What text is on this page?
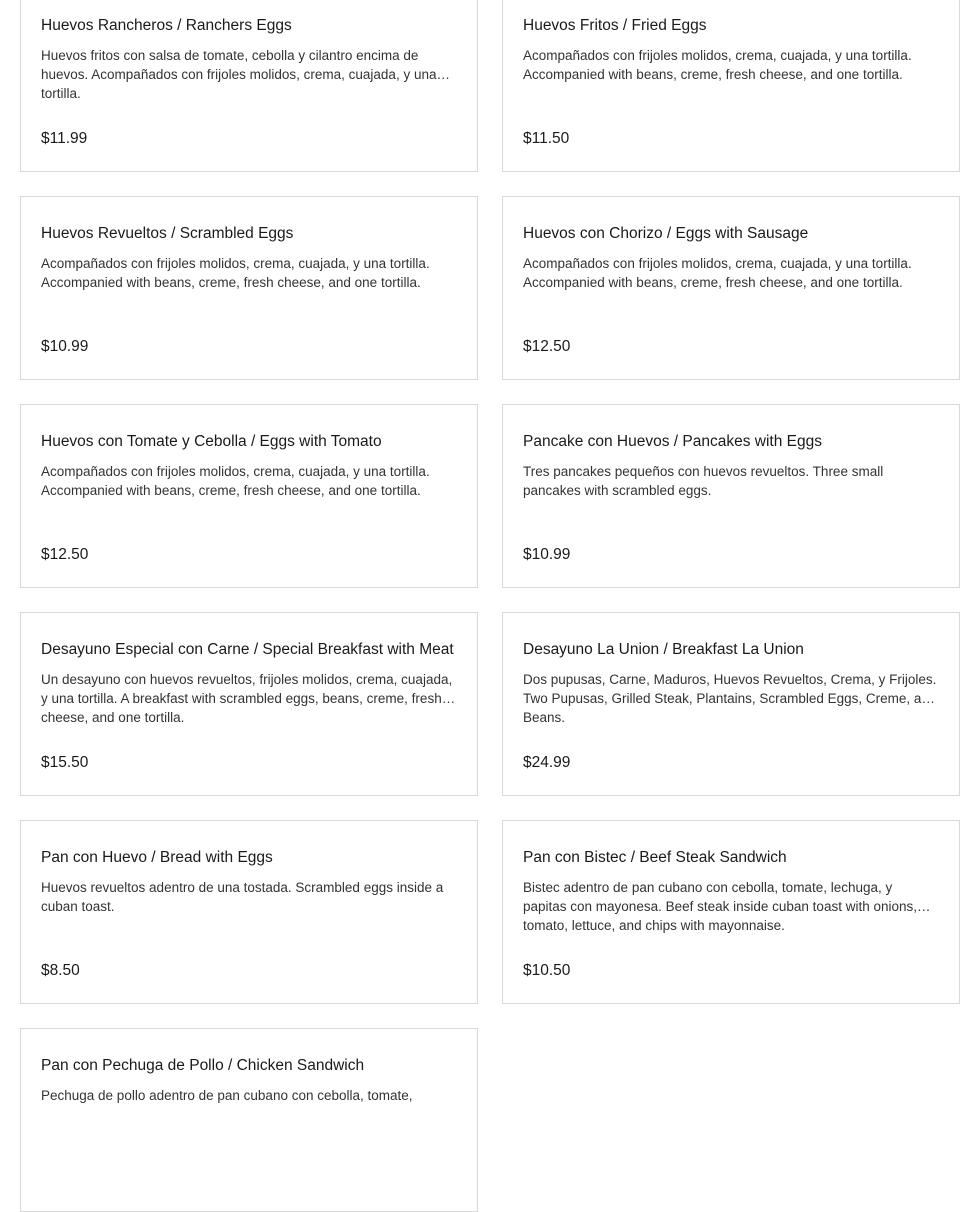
Huevos Rancheros / Ranchers Eggs
Huevos fritos con salsa de tomate, cebolla y cilantro encima de huevos. Acompañados con frijoles molidos, crema, cuajada, y una tortilla.
$11.99
Huevos Fritos / Fried Eggs
Acompañados con frijoles molidos, crema, cuajada, y una tortilla. Accompanied with beans, creme, fresh cheese, and one tortilla.
$11.50
Huevos Revueltos / Scrambled Eggs
Acompañados con frijoles molidos, crema, cuajada, y una tortilla. Accompanied with beans, creme, fresh cheese, and one tortilla.
$10.99
Huevos con Chorizo / Eggs with Sausage
Acompañados con frijoles molidos, crema, cuajada, y una tortilla. Accompanied with beans, creme, fresh cheese, and one tortilla.
$12.50
Huevos con Tomate y Cebolla / Eggs with Tomato
Acompañados con frijoles molidos, crema, cuajada, y una tortilla. Accompanied with beans, creme, fresh cheese, and one tortilla.
$12.50
Pancake con Huevos / Pancakes with Eggs
Tres pancakes pequeños con huevos revueltos. Three small pancakes with scrambled eggs.
$10.99
Desayuno Especial con Carne / Special Breakfast with Meat
Un desayuno con huevos revueltos, frijoles molidos, crema, cuajada, y una tortilla. A breakfast with scrambled eggs, beans, creme, fresh cheese, and one tortilla.
$15.50
Desayuno La Union / Breakfast La Union
Dos pupusas, Carne, Maduros, Huevos Revueltos, Crema, y Frijoles. Two Pupusas, Grilled Steak, Plantains, Scrambled Eggs, Creme, and Beans.
$24.99
Pan con Huevo / Bread with Eggs
Huevos revueltos adentro de una tostada. Scrambled eggs inside a cuban toast.
$8.50
Pan con Bistec / Beef Steak Sandwich
Bistec adentro de pan cubano con cebolla, tomate, lechuga, y papitas con mayonesa. Beef steak inside cuban toast with onions, tomato, lettuce, and chips with mayonnaise.
$10.50
Pan con Pechuga de Pollo / Chicken Sandwich
Pechuga de pollo adentro de pan cubano con cebolla, tomate,
